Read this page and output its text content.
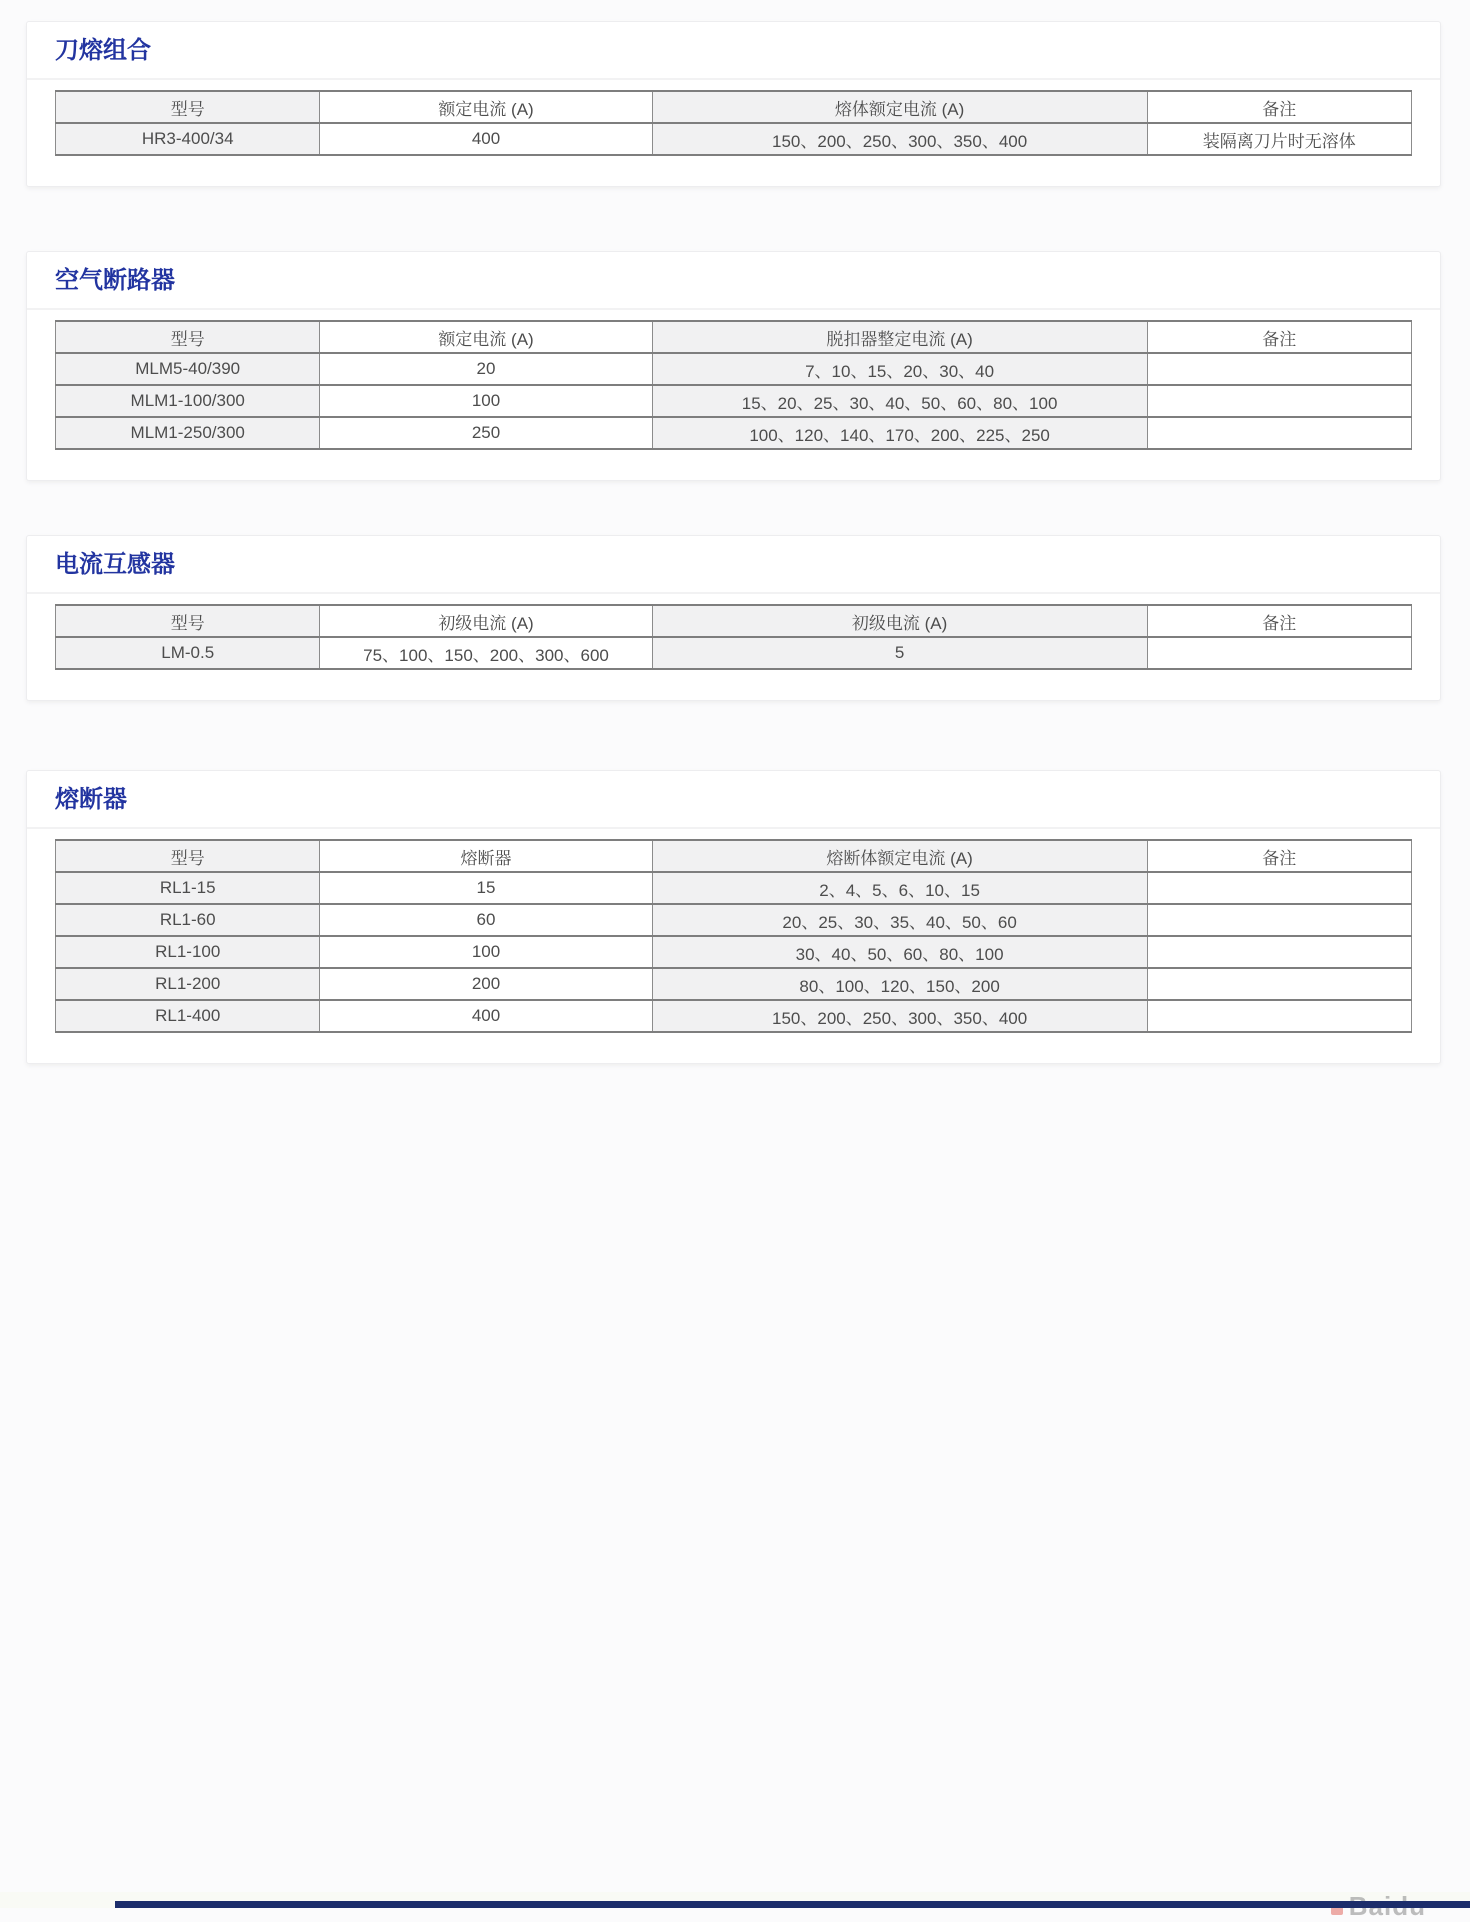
刀熔组合
型号	额定电流 (A)	熔体额定电流 (A)	备注
HR3-400/34	400	150、200、250、300、350、400	装隔离刀片时无溶体
空气断路器
型号	额定电流 (A)	脱扣器整定电流 (A)	备注
MLM5-40/390	20	7、10、15、20、30、40	
MLM1-100/300	100	15、20、25、30、40、50、60、80、100	
MLM1-250/300	250	100、120、140、170、200、225、250	
电流互感器
型号	初级电流 (A)	初级电流 (A)	备注
LM-0.5	75、100、150、200、300、600	5	
熔断器
型号	熔断器	熔断体额定电流 (A)	备注
RL1-15	15	2、4、5、6、10、15	
RL1-60	60	20、25、30、35、40、50、60	
RL1-100	100	30、40、50、60、80、100	
RL1-200	200	80、100、120、150、200	
RL1-400	400	150、200、250、300、350、400	
